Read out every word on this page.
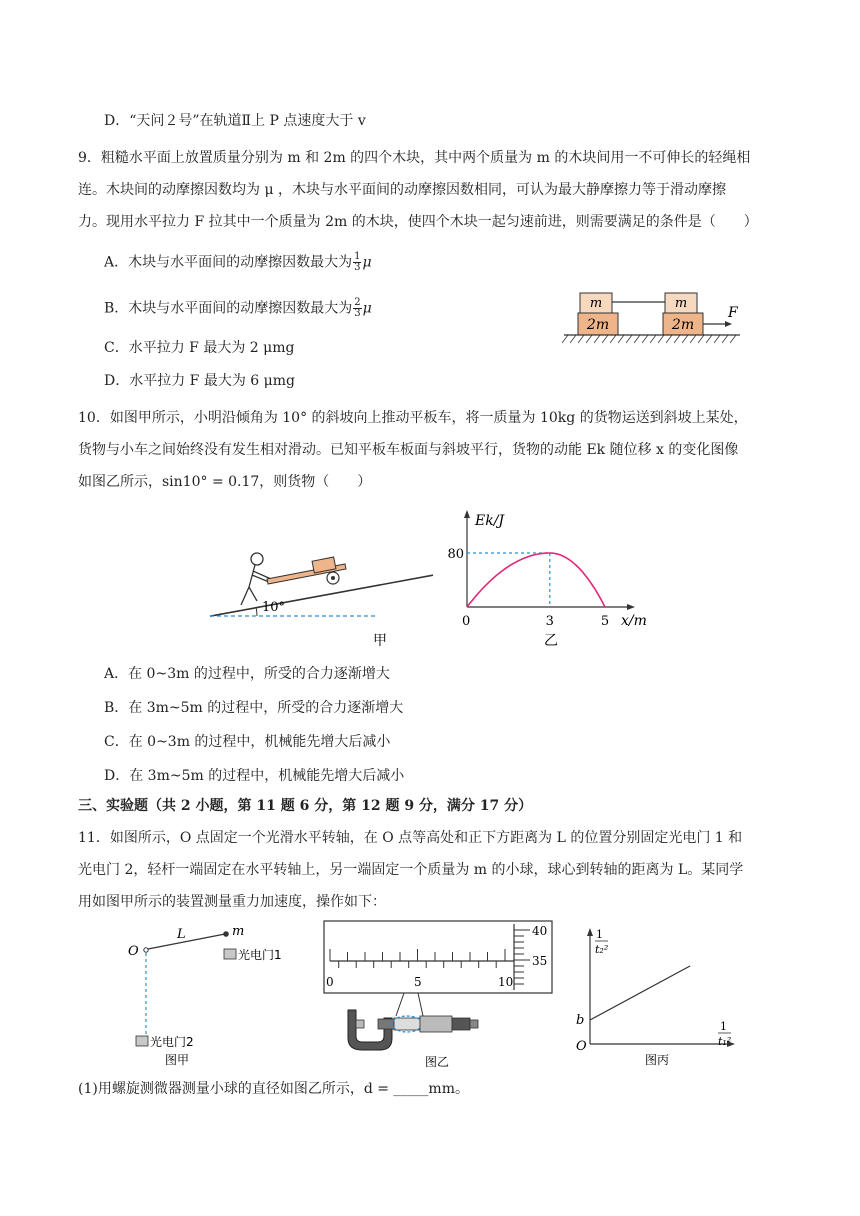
D．“天问２号”在轨道Ⅱ上 P 点速度大于 v
9．粗糙水平面上放置质量分别为 m 和 2m 的四个木块，其中两个质量为 m 的木块间用一不可伸长的轻绳相
连。木块间的动摩擦因数均为 μ ，木块与水平面间的动摩擦因数相同，可认为最大静摩擦力等于滑动摩擦
力。现用水平拉力 F 拉其中一个质量为 2m 的木块，使四个木块一起匀速前进，则需要满足的条件是（　　）
A．木块与水平面间的动摩擦因数最大为 $\frac{1}{3}$ μ
B．木块与水平面间的动摩擦因数最大为 $\frac{2}{3}$ μ
C．水平拉力 F 最大为 2 μmg
D．水平拉力 F 最大为 6 μmg
m
2m
m
2m
F
10．如图甲所示，小明沿倾角为 10° 的斜坡向上推动平板车，将一质量为 10kg 的货物运送到斜坡上某处，
货物与小车之间始终没有发生相对滑动。已知平板车板面与斜坡平行，货物的动能 Ek 随位移 x 的变化图像
如图乙所示，sin10° = 0.17，则货物（　　）
10°
甲
Ek/J
x/m
0
80
3	5
乙
A．在 0~3m 的过程中，所受的合力逐渐增大
B．在 3m~5m 的过程中，所受的合力逐渐增大
C．在 0~3m 的过程中，机械能先增大后减小
D．在 3m~5m 的过程中，机械能先增大后减小
三、实验题（共 2 小题，第 11 题 6 分，第 12 题 9 分，满分 17 分）
11．如图所示，O 点固定一个光滑水平转轴，在 O 点等高处和正下方距离为 L 的位置分别固定光电门 1 和
光电门 2，轻杆一端固定在水平转轴上，另一端固定一个质量为 m 的小球，球心到转轴的距离为 L。某同学
用如图甲所示的装置测量重力加速度，操作如下：
O
L	m
光电门1
光电门2
图甲
0	5	10
40
35
图乙
1
t₂²
1
t₁²
b
O
图丙
(1)用螺旋测微器测量小球的直径如图乙所示，d = _____mm。
